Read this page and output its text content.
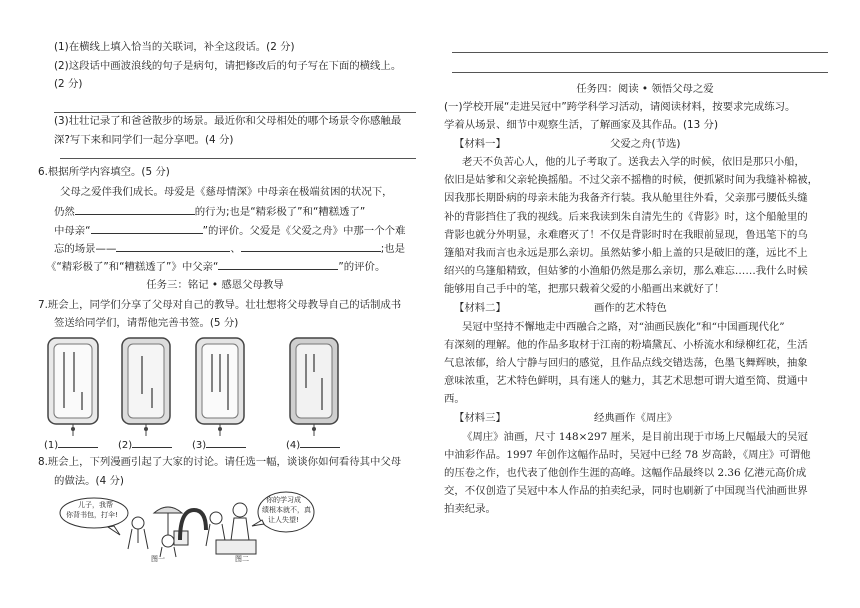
(1)在横线上填入恰当的关联词，补全这段话。(2 分)
(2)这段话中画波浪线的句子是病句，请把修改后的句子写在下面的横线上。
(2 分)
(3)壮壮记录了和爸爸散步的场景。最近你和父母相处的哪个场景令你感触最
深?写下来和同学们一起分享吧。(4 分)
6.根据所学内容填空。(5 分)
父母之爱伴我们成长。母爱是《慈母情深》中母亲在极端贫困的状况下，
仍然	的行为;也是“精彩极了”和“糟糕透了”
中母亲“	”的评价。父爱是《父爱之舟》中那一个个难
忘的场景——	、	;也是
《“精彩极了”和“糟糕透了”》中父亲“	”的评价。
任务三：铭记 • 感恩父母教导
7.班会上，同学们分享了父母对自己的教导。壮壮想将父母教导自己的话制成书
签送给同学们，请帮他完善书签。(5 分)
(1)	(2)	(3)	(4)
8.班会上，下列漫画引起了大家的讨论。请任选一幅，谈谈你如何看待其中父母
的做法。(4 分)
儿子，我帮
你背书包，打伞!
图一
你的学习成
绩根本就不，真
让人失望!
图二
任务四：阅读 • 领悟父母之爱
(一)学校开展“走进吴冠中”跨学科学习活动，请阅读材料，按要求完成练习。
学着从场景、细节中观察生活，了解画家及其作品。(13 分)
【材料一】	父爱之舟(节选)
老天不负苦心人，他的儿子考取了。送我去入学的时候，依旧是那只小船，
依旧是姑爹和父亲轮换摇船。不过父亲不摇橹的时候，便抓紧时间为我缝补棉被，
因我那长期卧病的母亲未能为我备齐行装。我从舱里往外看，父亲那弓腰低头缝
补的背影挡住了我的视线。后来我读到朱自清先生的《背影》时，这个船舱里的
背影也就分外明显，永难磨灭了！不仅是背影时时在我眼前显现，鲁迅笔下的乌
篷船对我而言也永远是那么亲切。虽然姑爹小船上盖的只是破旧的蓬，远比不上
绍兴的乌篷船精致，但姑爹的小渔船仍然是那么亲切，那么难忘……我什么时候
能够用自己手中的笔，把那只载着父爱的小船画出来就好了！
【材料二】	画作的艺术特色
吴冠中坚持不懈地走中西融合之路，对“油画民族化”和“中国画现代化”
有深刻的理解。他的作品多取材于江南的粉墙黛瓦、小桥流水和绿柳红花，生活
气息浓郁，给人宁静与回归的感觉，且作品点线交错迭荡，色墨飞舞辉映，抽象
意味浓重，艺术特色鲜明，具有迷人的魅力，其艺术思想可谓大道至简、贯通中
西。
【材料三】	经典画作《周庄》
《周庄》油画，尺寸 148×297 厘米，是目前出现于市场上尺幅最大的吴冠
中油彩作品。1997 年创作这幅作品时，吴冠中已经 78 岁高龄，《周庄》可谓他
的压卷之作，也代表了他创作生涯的高峰。这幅作品最终以 2.36 亿港元高价成
交，不仅创造了吴冠中本人作品的拍卖纪录，同时也刷新了中国现当代油画世界
拍卖纪录。
